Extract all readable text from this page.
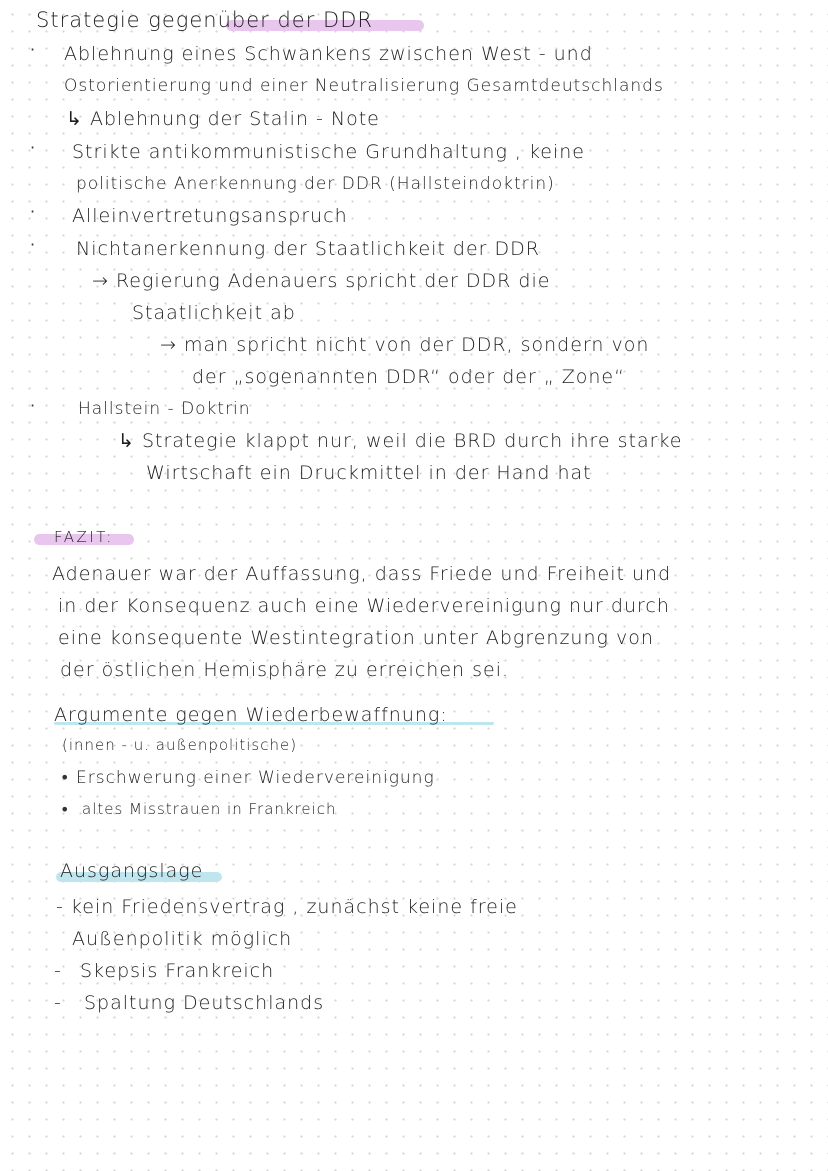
Strategie gegenüber der DDR
· Ablehnung eines Schwankens zwischen West - und
Ostorientierung und einer Neutralisierung Gesamtdeutschlands
↳ Ablehnung der Stalin - Note
· Strikte antikommunistische Grundhaltung , keine
politische Anerkennung der DDR (Hallsteindoktrin)
· Alleinvertretungsanspruch
· Nichtanerkennung der Staatlichkeit der DDR
→ Regierung Adenauers spricht der DDR die
Staatlichkeit ab
→ man spricht nicht von der DDR, sondern von
der „sogenannten DDR“ oder der „ Zone“
·	Hallstein - Doktrin
↳ Strategie klappt nur, weil die BRD durch ihre starke
Wirtschaft ein Druckmittel in der Hand hat
FAZIT:
Adenauer war der Auffassung, dass Friede und Freiheit und
in der Konsequenz auch eine Wiedervereinigung nur durch
eine konsequente Westintegration unter Abgrenzung von
der östlichen Hemisphäre zu erreichen sei.
Argumente gegen Wiederbewaffnung:
(innen - u. außenpolitische)
• Erschwerung einer Wiedervereinigung
• altes Misstrauen in Frankreich
Ausgangslage
- kein Friedensvertrag , zunächst keine freie
Außenpolitik möglich
- Skepsis Frankreich
- Spaltung Deutschlands
